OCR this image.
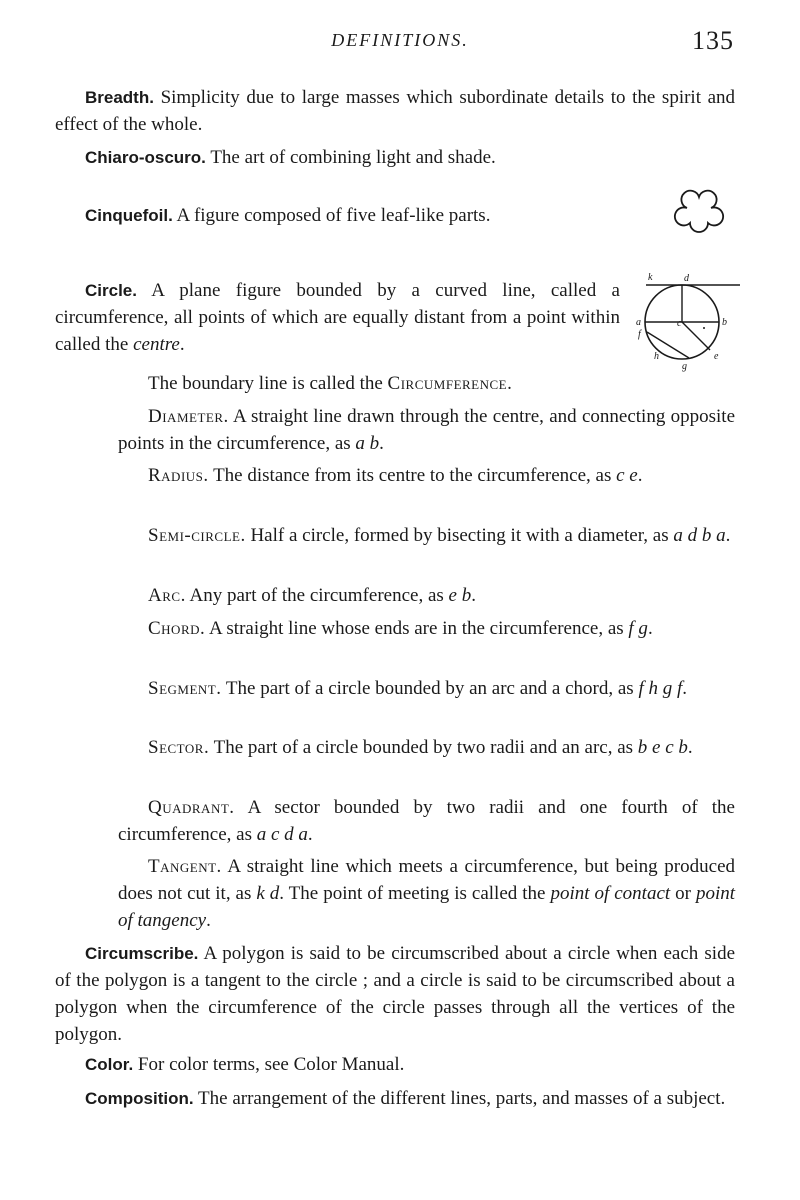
DEFINITIONS.	135

Breadth. Simplicity due to large masses which subordinate details to the spirit and effect of the whole.

Chiaro-oscuro. The art of combining light and shade.

Cinquefoil. A figure composed of five leaf-like parts.

Circle. A plane figure bounded by a curved line, called a circumference, all points of which are equally distant from a point within called the centre.

k	d
a	c	b
f
h
g
e

The boundary line is called the Circumference.

Diameter. A straight line drawn through the centre, and connecting opposite points in the circumference, as a b.

Radius. The distance from its centre to the circumference, as c e.

Semi-circle. Half a circle, formed by bisecting it with a diameter, as a d b a.

Arc. Any part of the circumference, as e b.

Chord. A straight line whose ends are in the circumference, as f g.

Segment. The part of a circle bounded by an arc and a chord, as f h g f.

Sector. The part of a circle bounded by two radii and an arc, as b e c b.

Quadrant. A sector bounded by two radii and one fourth of the circumference, as a c d a.

Tangent. A straight line which meets a circumference, but being produced does not cut it, as k d. The point of meeting is called the point of contact or point of tangency.

Circumscribe. A polygon is said to be circumscribed about a circle when each side of the polygon is a tangent to the circle ; and a circle is said to be circumscribed about a polygon when the circumference of the circle passes through all the vertices of the polygon.

Color. For color terms, see Color Manual.

Composition. The arrangement of the different lines, parts, and masses of a subject.
